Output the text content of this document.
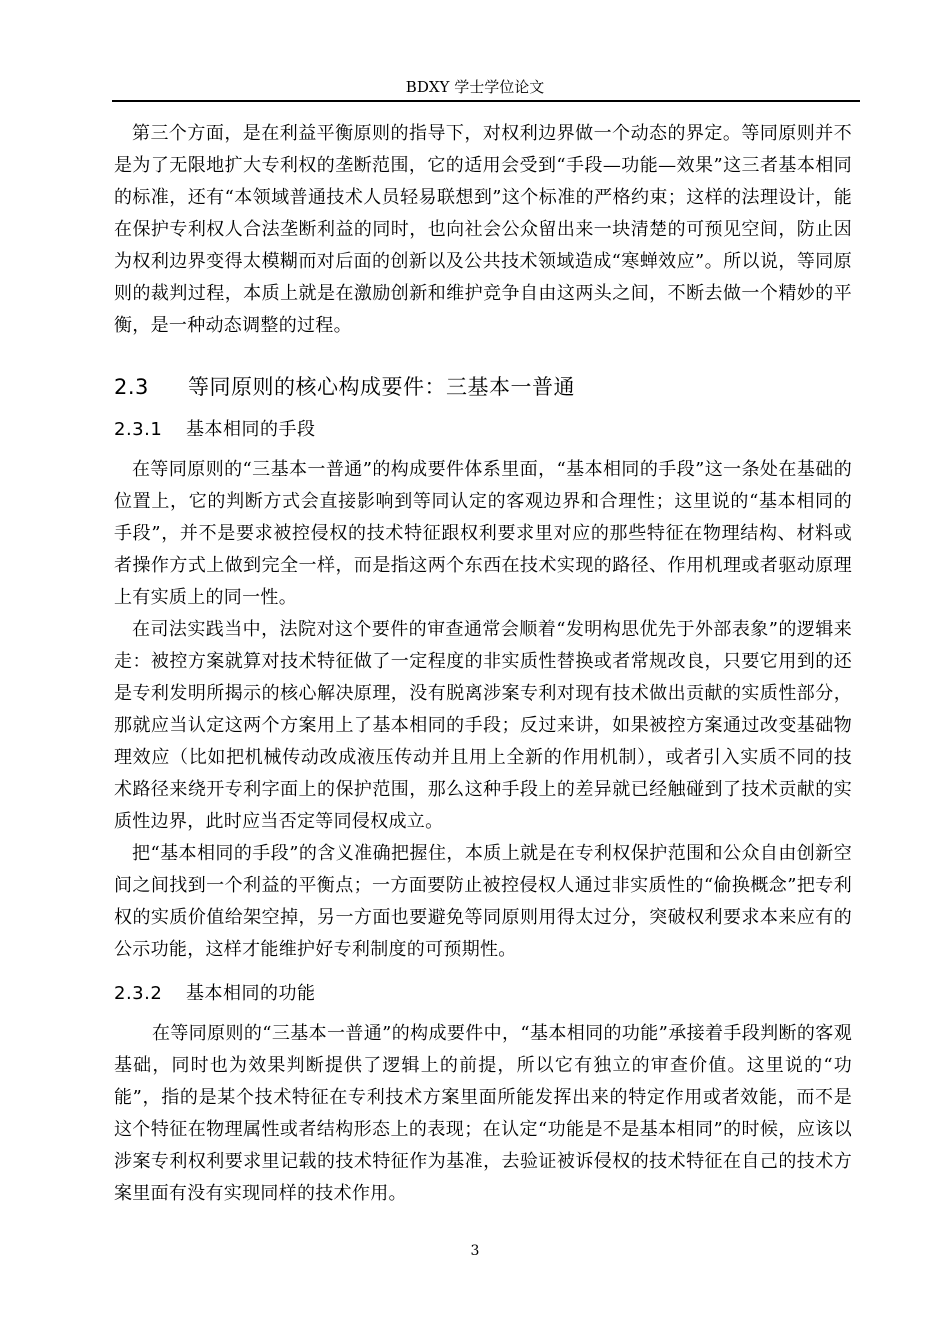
BDXY 学士学位论文

第三个方面，是在利益平衡原则的指导下，对权利边界做一个动态的界定。等同原则并不是为了无限地扩大专利权的垄断范围，它的适用会受到“手段—功能—效果”这三者基本相同的标准，还有“本领域普通技术人员轻易联想到”这个标准的严格约束；这样的法理设计，能在保护专利权人合法垄断利益的同时，也向社会公众留出来一块清楚的可预见空间，防止因为权利边界变得太模糊而对后面的创新以及公共技术领域造成“寒蝉效应”。所以说，等同原则的裁判过程，本质上就是在激励创新和维护竞争自由这两头之间，不断去做一个精妙的平衡，是一种动态调整的过程。

2.3 等同原则的核心构成要件：三基本一普通
2.3.1 基本相同的手段

在等同原则的“三基本一普通”的构成要件体系里面，“基本相同的手段”这一条处在基础的位置上，它的判断方式会直接影响到等同认定的客观边界和合理性；这里说的“基本相同的手段”，并不是要求被控侵权的技术特征跟权利要求里对应的那些特征在物理结构、材料或者操作方式上做到完全一样，而是指这两个东西在技术实现的路径、作用机理或者驱动原理上有实质上的同一性。

在司法实践当中，法院对这个要件的审查通常会顺着“发明构思优先于外部表象”的逻辑来走：被控方案就算对技术特征做了一定程度的非实质性替换或者常规改良，只要它用到的还是专利发明所揭示的核心解决原理，没有脱离涉案专利对现有技术做出贡献的实质性部分，那就应当认定这两个方案用上了基本相同的手段；反过来讲，如果被控方案通过改变基础物理效应（比如把机械传动改成液压传动并且用上全新的作用机制），或者引入实质不同的技术路径来绕开专利字面上的保护范围，那么这种手段上的差异就已经触碰到了技术贡献的实质性边界，此时应当否定等同侵权成立。

把“基本相同的手段”的含义准确把握住，本质上就是在专利权保护范围和公众自由创新空间之间找到一个利益的平衡点；一方面要防止被控侵权人通过非实质性的“偷换概念”把专利权的实质价值给架空掉，另一方面也要避免等同原则用得太过分，突破权利要求本来应有的公示功能，这样才能维护好专利制度的可预期性。

2.3.2 基本相同的功能

在等同原则的“三基本一普通”的构成要件中，“基本相同的功能”承接着手段判断的客观基础，同时也为效果判断提供了逻辑上的前提，所以它有独立的审查价值。这里说的“功能”，指的是某个技术特征在专利技术方案里面所能发挥出来的特定作用或者效能，而不是这个特征在物理属性或者结构形态上的表现；在认定“功能是不是基本相同”的时候，应该以涉案专利权利要求里记载的技术特征作为基准，去验证被诉侵权的技术特征在自己的技术方案里面有没有实现同样的技术作用。

3
